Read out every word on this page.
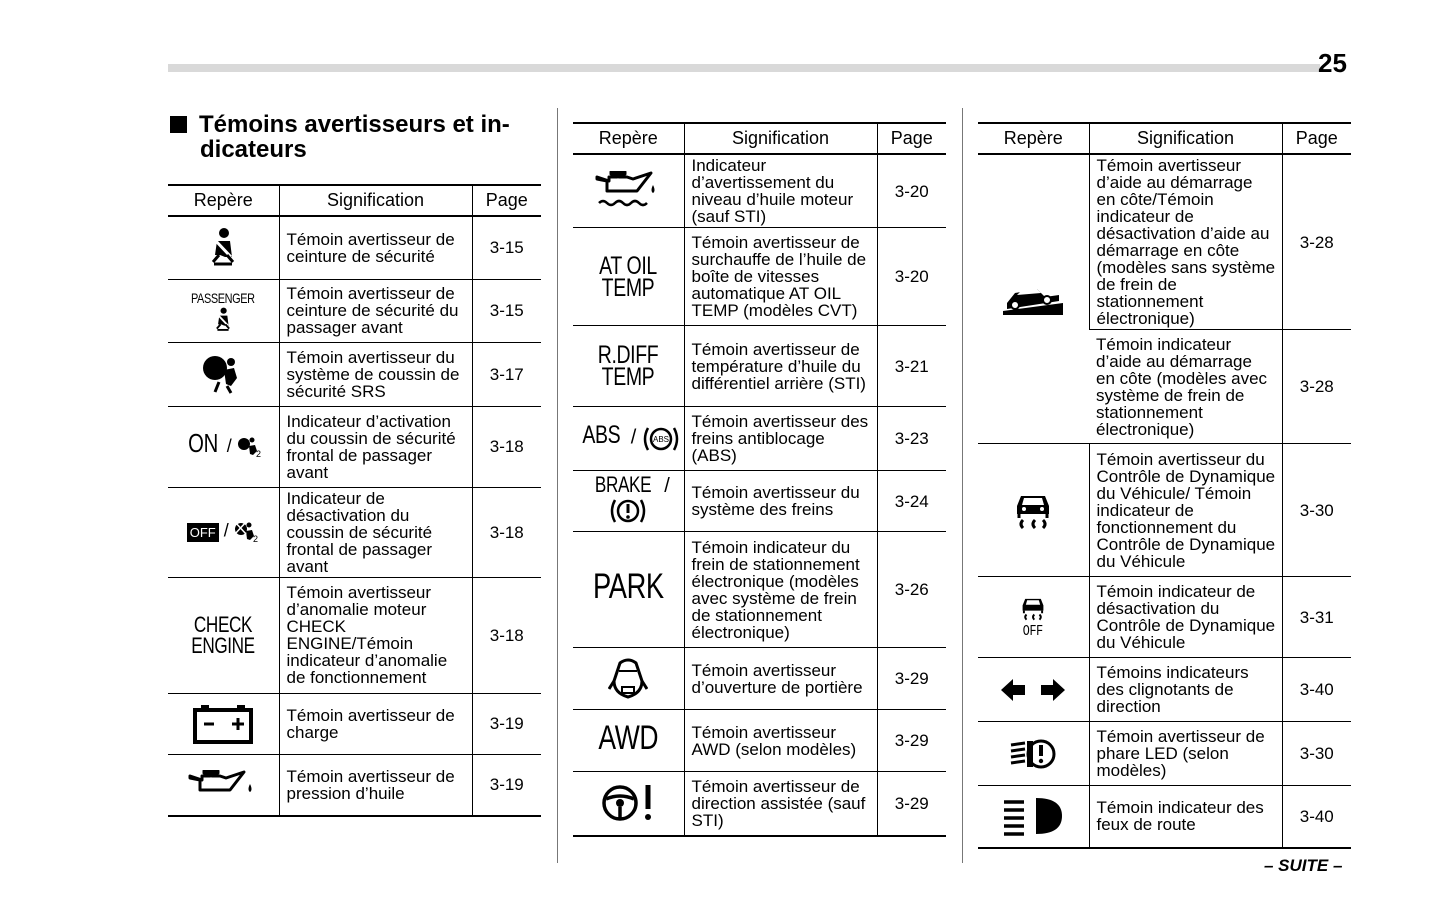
25
Témoins avertisseurs et in-
dicateurs
Repère	Signification	Page
	Témoin avertisseur de ceinture de sécurité	3-15
PASSENGER	Témoin avertisseur de ceinture de sécurité du passager avant	3-15
	Témoin avertisseur du système de coussin de sécurité SRS	3-17
ON / 2	Indicateur d’activation du coussin de sécurité frontal de passager avant	3-18
OFF / 2	Indicateur de désactivation du coussin de sécurité frontal de passager avant	3-18
CHECK ENGINE	Témoin avertisseur d’anomalie moteur CHECK ENGINE/Témoin indicateur d’anomalie de fonctionnement	3-18
	Témoin avertisseur de charge	3-19
	Témoin avertisseur de pression d’huile	3-19
Repère	Signification	Page
	Indicateur d’avertissement du niveau d’huile moteur (sauf STI)	3-20
AT OIL TEMP	Témoin avertisseur de surchauffe de l’huile de boîte de vitesses automatique AT OIL TEMP (modèles CVT)	3-20
R.DIFF TEMP	Témoin avertisseur de température d’huile du différentiel arrière (STI)	3-21
ABS / ABS	Témoin avertisseur des freins antiblocage (ABS)	3-23
BRAKE /	Témoin avertisseur du système des freins	3-24
PARK	Témoin indicateur du frein de stationnement électronique (modèles avec système de frein de stationnement électronique)	3-26
	Témoin avertisseur d’ouverture de portière	3-29
AWD	Témoin avertisseur AWD (selon modèles)	3-29
	Témoin avertisseur de direction assistée (sauf STI)	3-29
Repère	Signification	Page
	Témoin avertisseur d’aide au démarrage en côte/Témoin indicateur de désactivation d’aide au démarrage en côte (modèles sans système de frein de stationnement électronique)	3-28
	Témoin indicateur d’aide au démarrage en côte (modèles avec système de frein de stationnement électronique)	3-28
	Témoin avertisseur du Contrôle de Dynamique du Véhicule/ Témoin indicateur de fonctionnement du Contrôle de Dynamique du Véhicule	3-30

OFF	Témoin indicateur de désactivation du Contrôle de Dynamique du Véhicule	3-31
	Témoins indicateurs des clignotants de direction	3-40
	Témoin avertisseur de phare LED (selon modèles)	3-30
	Témoin indicateur des feux de route	3-40
– SUITE –
